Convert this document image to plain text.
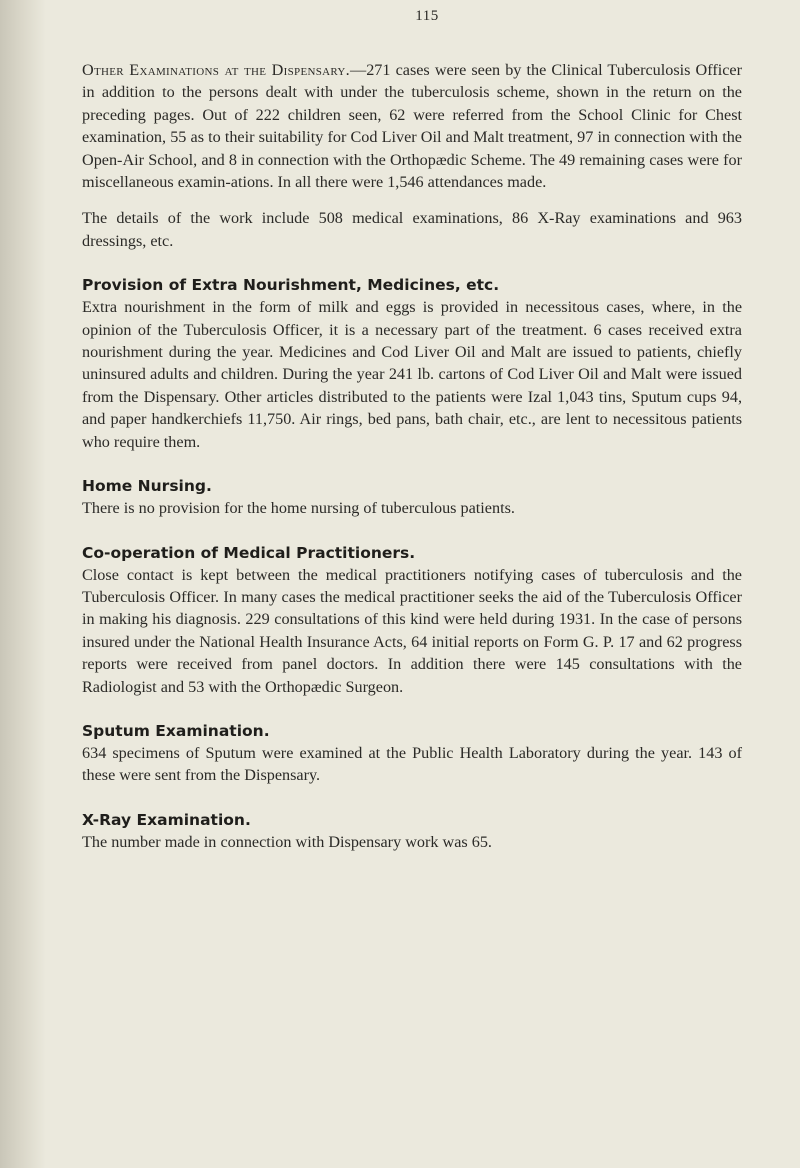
115

Other Examinations at the Dispensary.—271 cases were seen by the Clinical Tuberculosis Officer in addition to the persons dealt with under the tuberculosis scheme, shown in the return on the preceding pages. Out of 222 children seen, 62 were referred from the School Clinic for Chest examination, 55 as to their suitability for Cod Liver Oil and Malt treatment, 97 in connection with the Open-Air School, and 8 in connection with the Orthopædic Scheme. The 49 remaining cases were for miscellaneous examin-ations. In all there were 1,546 attendances made.

The details of the work include 508 medical examinations, 86 X-Ray examinations and 963 dressings, etc.

Provision of Extra Nourishment, Medicines, etc.

Extra nourishment in the form of milk and eggs is provided in necessitous cases, where, in the opinion of the Tuberculosis Officer, it is a necessary part of the treatment. 6 cases received extra nourishment during the year. Medicines and Cod Liver Oil and Malt are issued to patients, chiefly uninsured adults and children. During the year 241 lb. cartons of Cod Liver Oil and Malt were issued from the Dispensary. Other articles distributed to the patients were Izal 1,043 tins, Sputum cups 94, and paper handkerchiefs 11,750. Air rings, bed pans, bath chair, etc., are lent to necessitous patients who require them.

Home Nursing.

There is no provision for the home nursing of tuberculous patients.

Co-operation of Medical Practitioners.

Close contact is kept between the medical practitioners notifying cases of tuberculosis and the Tuberculosis Officer. In many cases the medical practitioner seeks the aid of the Tuberculosis Officer in making his diagnosis. 229 consultations of this kind were held during 1931. In the case of persons insured under the National Health Insurance Acts, 64 initial reports on Form G. P. 17 and 62 progress reports were received from panel doctors. In addition there were 145 consultations with the Radiologist and 53 with the Orthopædic Surgeon.

Sputum Examination.

634 specimens of Sputum were examined at the Public Health Laboratory during the year. 143 of these were sent from the Dispensary.

X-Ray Examination.

The number made in connection with Dispensary work was 65.
